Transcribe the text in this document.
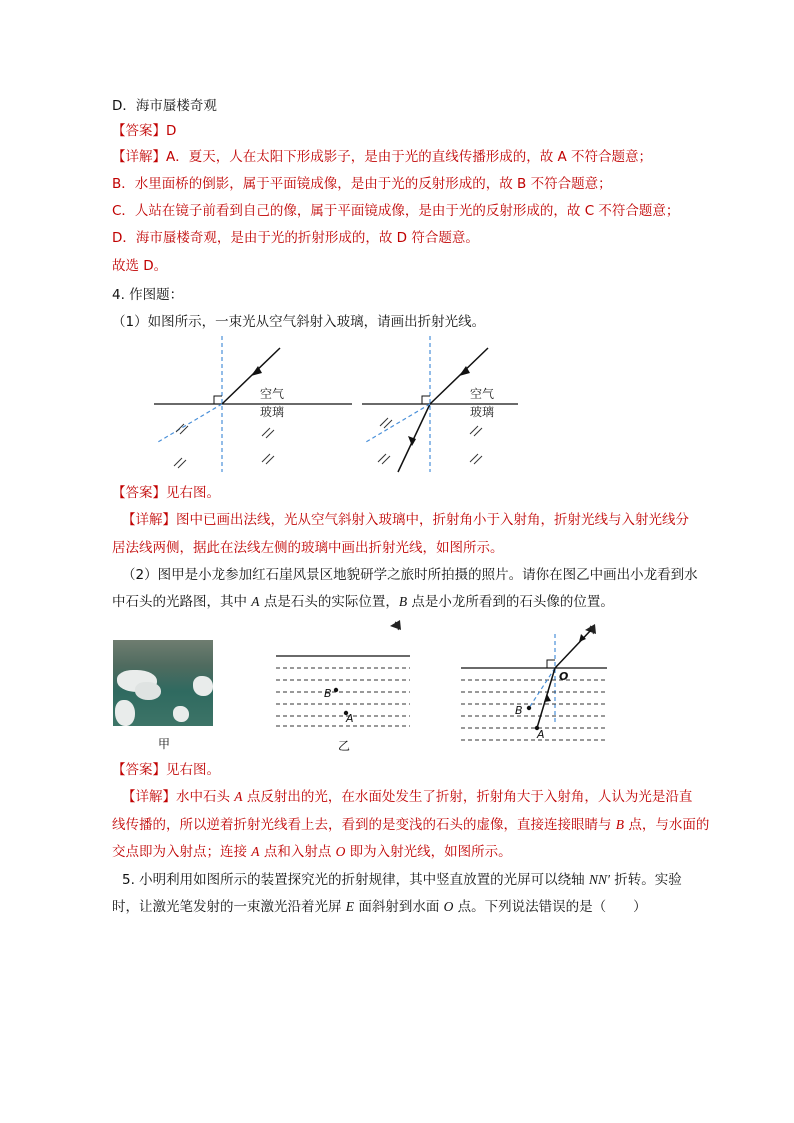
D．海市蜃楼奇观
【答案】D
【详解】A．夏天，人在太阳下形成影子，是由于光的直线传播形成的，故 A 不符合题意；
B．水里面桥的倒影，属于平面镜成像，是由于光的反射形成的，故 B 不符合题意；
C．人站在镜子前看到自己的像，属于平面镜成像，是由于光的反射形成的，故 C 不符合题意；
D．海市蜃楼奇观，是由于光的折射形成的，故 D 符合题意。
故选 D。
4. 作图题：
（1）如图所示，一束光从空气斜射入玻璃，请画出折射光线。
空气
玻璃
空气
玻璃
【答案】见右图。
【详解】图中已画出法线，光从空气斜射入玻璃中，折射角小于入射角，折射光线与入射光线分
居法线两侧，据此在法线左侧的玻璃中画出折射光线，如图所示。
（2）图甲是小龙参加红石崖风景区地貌研学之旅时所拍摄的照片。请你在图乙中画出小龙看到水
中石头的光路图，其中 A 点是石头的实际位置，B 点是小龙所看到的石头像的位置。
甲
B
A
乙
B
A
O
【答案】见右图。
【详解】水中石头 A 点反射出的光，在水面处发生了折射，折射角大于入射角，人认为光是沿直
线传播的，所以逆着折射光线看上去，看到的是变浅的石头的虚像，直接连接眼睛与 B 点，与水面的
交点即为入射点；连接 A 点和入射点 O 即为入射光线，如图所示。
5. 小明利用如图所示的装置探究光的折射规律，其中竖直放置的光屏可以绕轴 NN′ 折转。实验
时，让激光笔发射的一束激光沿着光屏 E 面斜射到水面 O 点。下列说法错误的是（　　）
